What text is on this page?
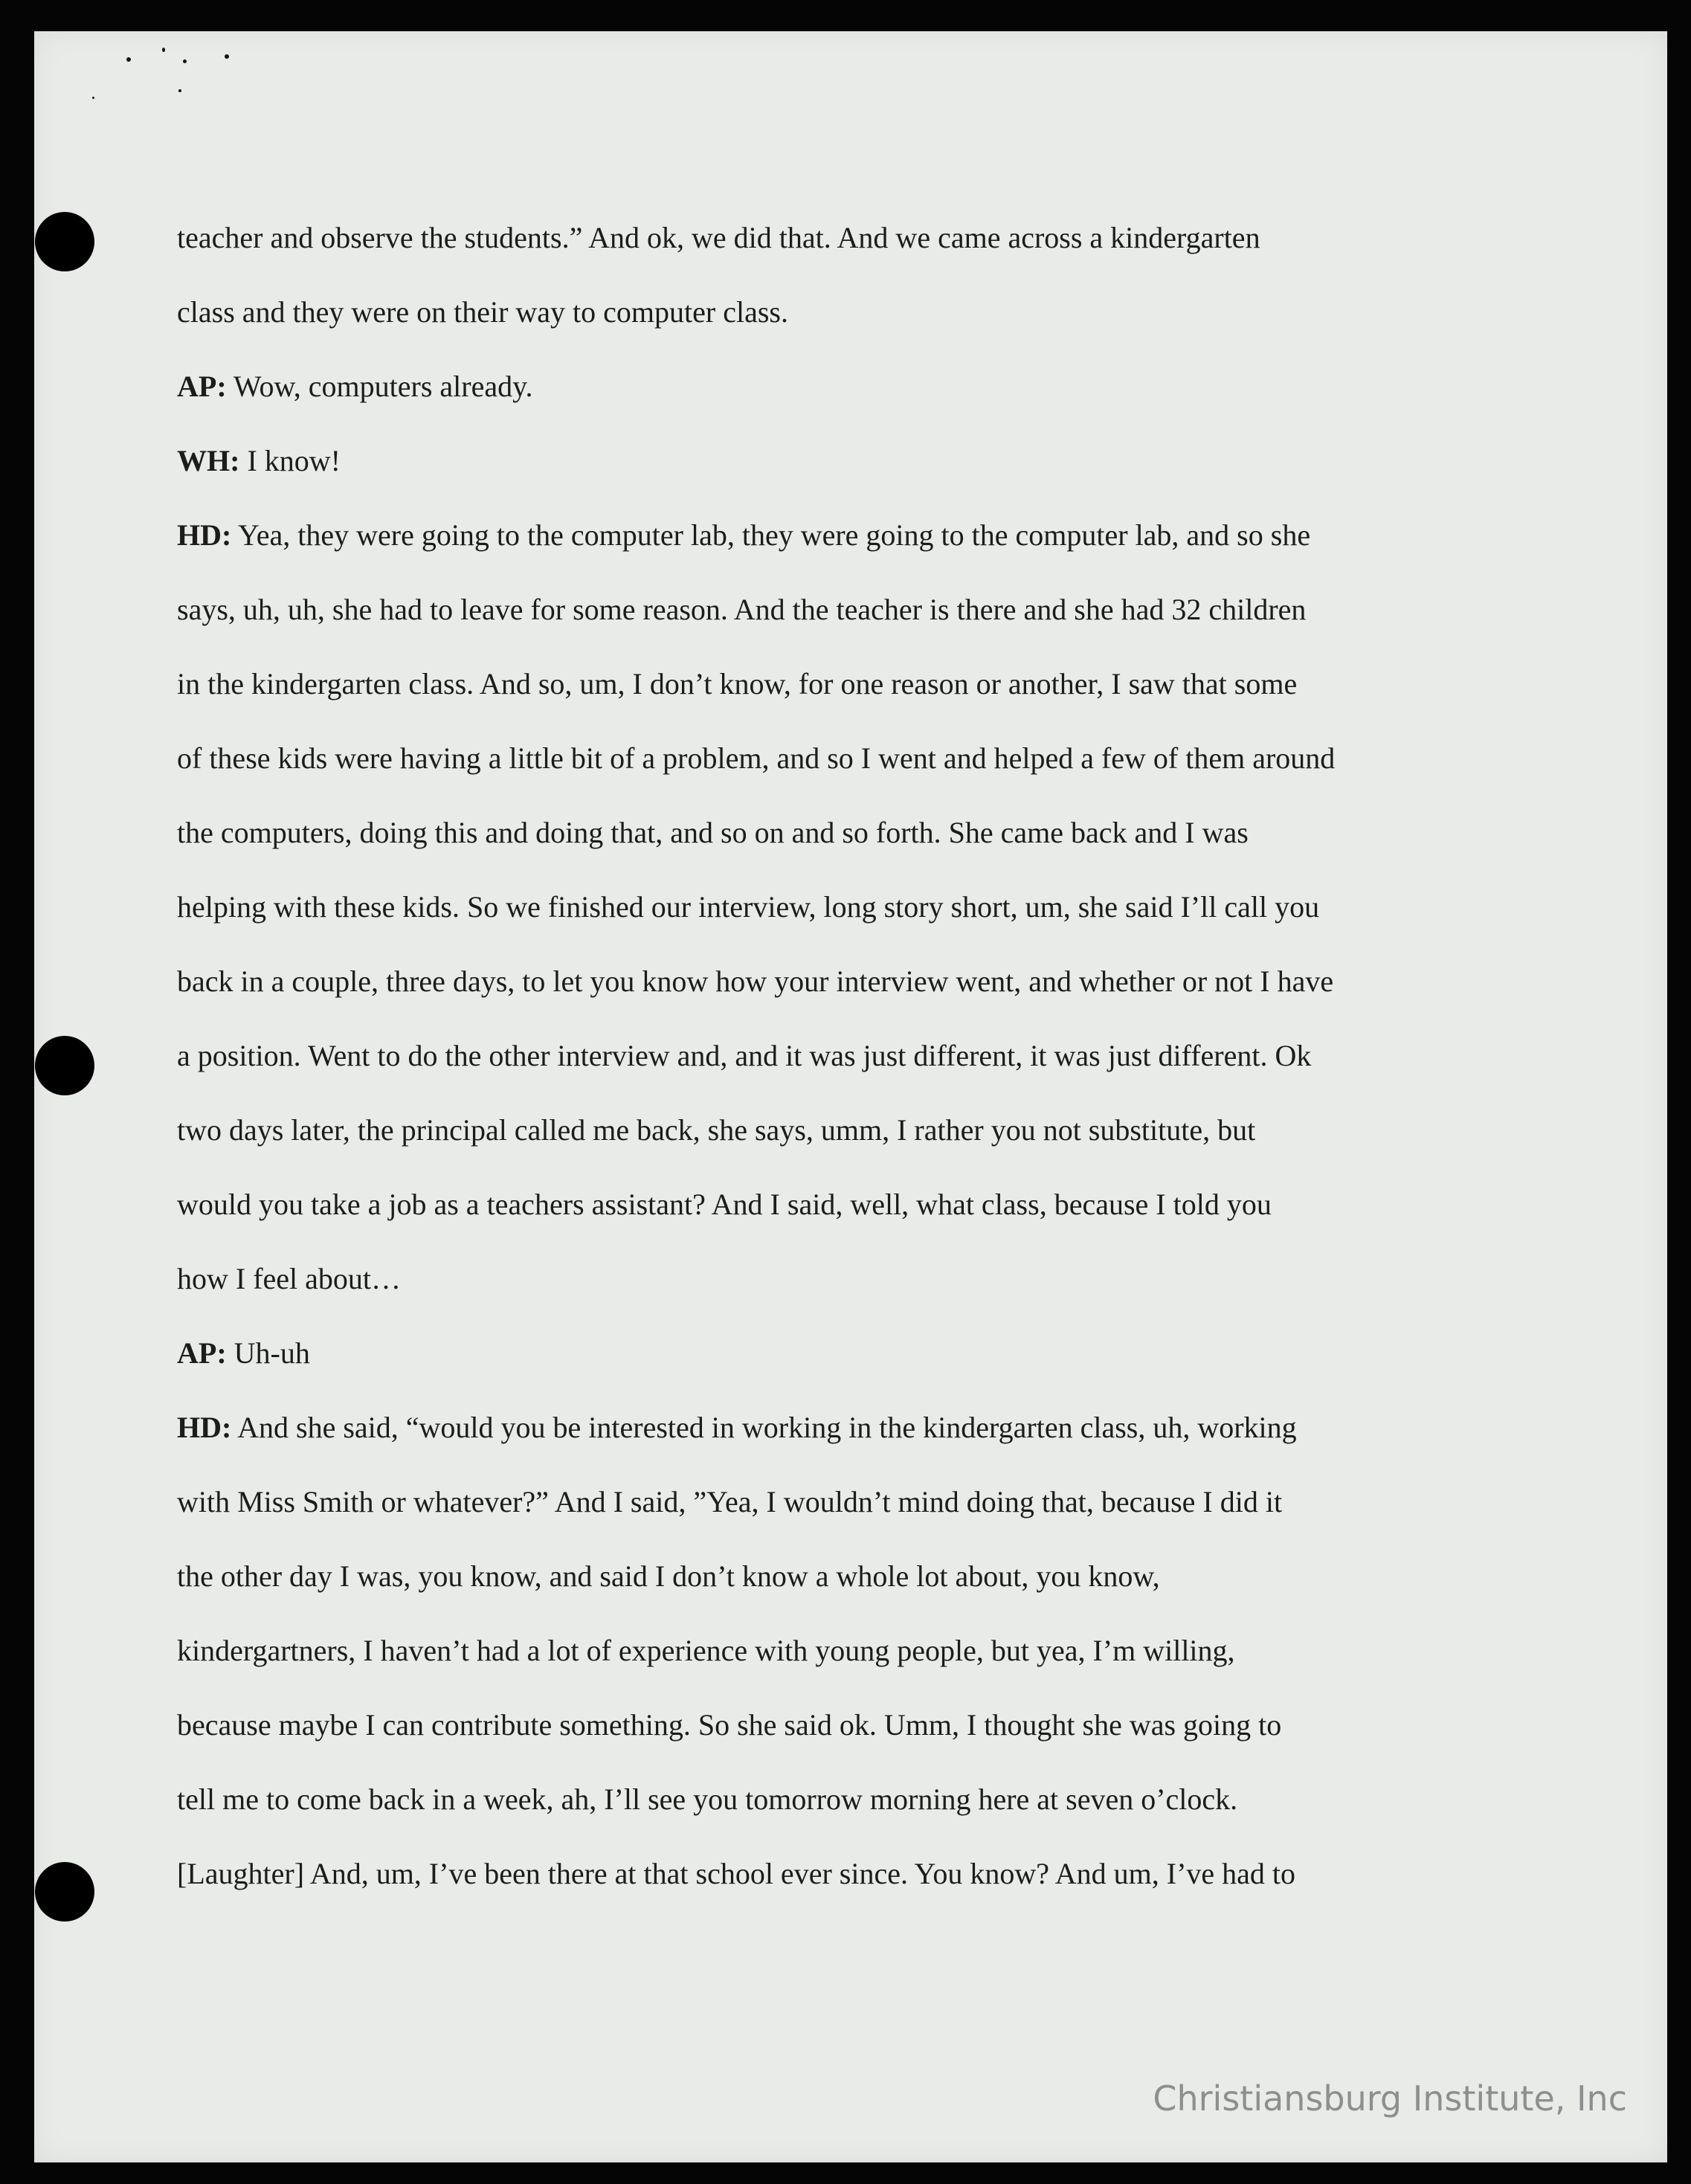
teacher and observe the students.” And ok, we did that. And we came across a kindergarten
class and they were on their way to computer class.
AP: Wow, computers already.
WH: I know!
HD: Yea, they were going to the computer lab, they were going to the computer lab, and so she
says, uh, uh, she had to leave for some reason. And the teacher is there and she had 32 children
in the kindergarten class. And so, um, I don’t know, for one reason or another, I saw that some
of these kids were having a little bit of a problem, and so I went and helped a few of them around
the computers, doing this and doing that, and so on and so forth. She came back and I was
helping with these kids. So we finished our interview, long story short, um, she said I’ll call you
back in a couple, three days, to let you know how your interview went, and whether or not I have
a position. Went to do the other interview and, and it was just different, it was just different. Ok
two days later, the principal called me back, she says, umm, I rather you not substitute, but
would you take a job as a teachers assistant? And I said, well, what class, because I told you
how I feel about…
AP: Uh-uh
HD: And she said, “would you be interested in working in the kindergarten class, uh, working
with Miss Smith or whatever?” And I said, ”Yea, I wouldn’t mind doing that, because I did it
the other day I was, you know, and said I don’t know a whole lot about, you know,
kindergartners, I haven’t had a lot of experience with young people, but yea, I’m willing,
because maybe I can contribute something. So she said ok. Umm, I thought she was going to
tell me to come back in a week, ah, I’ll see you tomorrow morning here at seven o’clock.
[Laughter] And, um, I’ve been there at that school ever since. You know? And um, I’ve had to
Christiansburg Institute, Inc
